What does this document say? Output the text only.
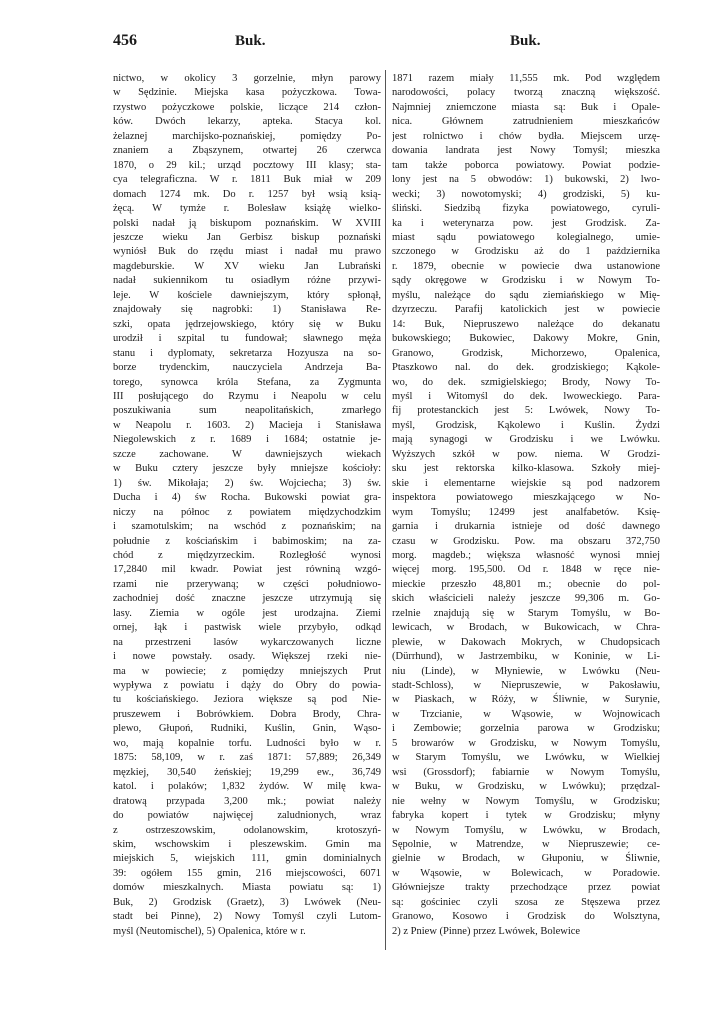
456	Buk.	Buk.
nictwo, w okolicy 3 gorzelnie, młyn parowy
w Sędzinie. Miejska kasa pożyczkowa. Towa-
rzystwo pożyczkowe polskie, liczące 214 człon-
ków. Dwóch lekarzy, apteka. Stacya kol.
żelaznej marchijsko-poznańskiej, pomiędzy Po-
znaniem a Zbąszynem, otwartej 26 czerwca
1870, o 29 kil.; urząd pocztowy III klasy; sta-
cya telegraficzna. W r. 1811 Buk miał w 209
domach 1274 mk. Do r. 1257 był wsią ksią-
żęcą. W tymże r. Bolesław książę wielko-
polski nadał ją biskupom poznańskim. W XVIII
jeszcze wieku Jan Gerbisz biskup poznański
wyniósł Buk do rzędu miast i nadał mu prawo
magdeburskie. W XV wieku Jan Lubrański
nadał sukiennikom tu osiadłym różne przywi-
leje. W kościele dawniejszym, który spłonął,
znajdowały się nagrobki: 1) Stanisława Re-
szki, opata jędrzejowskiego, który się w Buku
urodził i szpital tu fundował; sławnego męża
stanu i dyplomaty, sekretarza Hozyusza na so-
borze trydenckim, nauczyciela Andrzeja Ba-
torego, synowca króla Stefana, za Zygmunta
III posłującego do Rzymu i Neapolu w celu
poszukiwania sum neapolitańskich, zmarłego
w Neapolu r. 1603. 2) Macieja i Stanisława
Niegolewskich z r. 1689 i 1684; ostatnie je-
szcze zachowane. W dawniejszych wiekach
w Buku cztery jeszcze były mniejsze kościoły:
1) św. Mikołaja; 2) św. Wojciecha; 3) św.
Ducha i 4) św Rocha. Bukowski powiat gra-
niczy na północ z powiatem międzychodzkim
i szamotulskim; na wschód z poznańskim; na
południe z kościańskim i babimoskim; na za-
chód z międzyrzeckim. Rozległość wynosi
17,2840 mil kwadr. Powiat jest równiną wzgó-
rzami nie przerywaną; w części południowo-
zachodniej dość znaczne jeszcze utrzymują się
lasy. Ziemia w ogóle jest urodzajna. Ziemi
ornej, łąk i pastwisk wiele przybyło, odkąd
na przestrzeni lasów wykarczowanych liczne
i nowe powstały. osady. Większej rzeki nie-
ma w powiecie; z pomiędzy mniejszych Prut
wypływa z powiatu i dąży do Obry do powia-
tu kościańskiego. Jeziora większe są pod Nie-
pruszewem i Bobrówkiem. Dobra Brody, Chra-
plewo, Głupoń, Rudniki, Kuślin, Gnin, Wąso-
wo, mają kopalnie torfu. Ludności było w r.
1875: 58,109, w r. zaś 1871: 57,889; 26,349
męzkiej, 30,540 żeńskiej; 19,299 ew., 36,749
katol. i polaków; 1,832 żydów. W milę kwa-
dratową przypada 3,200 mk.; powiat należy
do powiatów najwięcej zaludnionych, wraz
z ostrzeszowskim, odolanowskim, krotoszyń-
skim, wschowskim i pleszewskim. Gmin ma
miejskich 5, wiejskich 111, gmin dominialnych
39: ogółem 155 gmin, 216 miejscowości, 6071
domów mieszkalnych. Miasta powiatu są: 1)
Buk, 2) Grodzisk (Graetz), 3) Lwówek (Neu-
stadt bei Pinne), 2) Nowy Tomyśl czyli Lutom-
myśl (Neutomischel), 5) Opalenica, które w r.
1871 razem miały 11,555 mk. Pod względem
narodowości, polacy tworzą znaczną większość.
Najmniej zniemczone miasta są: Buk i Opale-
nica. Głównem zatrudnieniem mieszkańców
jest rolnictwo i chów bydła. Miejscem urzę-
dowania landrata jest Nowy Tomyśl; mieszka
tam także poborca powiatowy. Powiat podzie-
lony jest na 5 obwodów: 1) bukowski, 2) lwo-
wecki; 3) nowotomyski; 4) grodziski, 5) ku-
śliński. Siedzibą fizyka powiatowego, cyruli-
ka i weterynarza pow. jest Grodzisk. Za-
miast sądu powiatowego kolegialnego, umie-
szczonego w Grodzisku aż do 1 października
r. 1879, obecnie w powiecie dwa ustanowione
sądy okręgowe w Grodzisku i w Nowym To-
myślu, należące do sądu ziemiańskiego w Mię-
dzyrzeczu. Parafij katolickich jest w powiecie
14: Buk, Niepruszewo należące do dekanatu
bukowskiego; Bukowiec, Dakowy Mokre, Gnin,
Granowo, Grodzisk, Michorzewo, Opalenica,
Ptaszkowo nal. do dek. grodziskiego; Kąkole-
wo, do dek. szmigielskiego; Brody, Nowy To-
myśl i Witomyśl do dek. lwoweckiego. Para-
fij protestanckich jest 5: Lwówek, Nowy To-
myśl, Grodzisk, Kąkolewo i Kuślin. Żydzi
mają synagogi w Grodzisku i we Lwówku.
Wyższych szkół w pow. niema. W Grodzi-
sku jest rektorska kilko-klasowa. Szkoły miej-
skie i elementarne wiejskie są pod nadzorem
inspektora powiatowego mieszkającego w No-
wym Tomyślu; 12499 jest analfabetów. Księ-
garnia i drukarnia istnieje od dość dawnego
czasu w Grodzisku. Pow. ma obszaru 372,750
morg. magdeb.; większa własność wynosi mniej
więcej morg. 195,500. Od r. 1848 w ręce nie-
mieckie przeszło 48,801 m.; obecnie do pol-
skich właścicieli należy jeszcze 99,306 m. Go-
rzelnie znajdują się w Starym Tomyślu, w Bo-
lewicach, w Brodach, w Bukowicach, w Chra-
plewie, w Dakowach Mokrych, w Chudopsicach
(Dürrhund), w Jastrzembiku, w Koninie, w Li-
niu (Linde), w Młyniewie, w Lwówku (Neu-
stadt-Schloss), w Niepruszewie, w Pakosławiu,
w Piaskach, w Róży, w Śliwnie, w Surynie,
w Trzcianie, w Wąsowie, w Wojnowicach
i Zembowie; gorzelnia parowa w Grodzisku;
5 browarów w Grodzisku, w Nowym Tomyślu,
w Starym Tomyślu, we Lwówku, w Wielkiej
wsi (Grossdorf); fabiarnie w Nowym Tomyślu,
w Buku, w Grodzisku, w Lwówku); przędzal-
nie wełny w Nowym Tomyślu, w Grodzisku;
fabryka kopert i tytek w Grodzisku; młyny
w Nowym Tomyślu, w Lwówku, w Brodach,
Sępolnie, w Matrendze, w Niepruszewie; ce-
gielnie w Brodach, w Głuponiu, w Śliwnie,
w Wąsowie, w Bolewicach, w Poradowie.
Główniejsze trakty przechodzące przez powiat
są: gościniec czyli szosa ze Stęszewa przez
Granowo, Kosowo i Grodzisk do Wolsztyna,
2) z Pniew (Pinne) przez Lwówek, Bolewice
